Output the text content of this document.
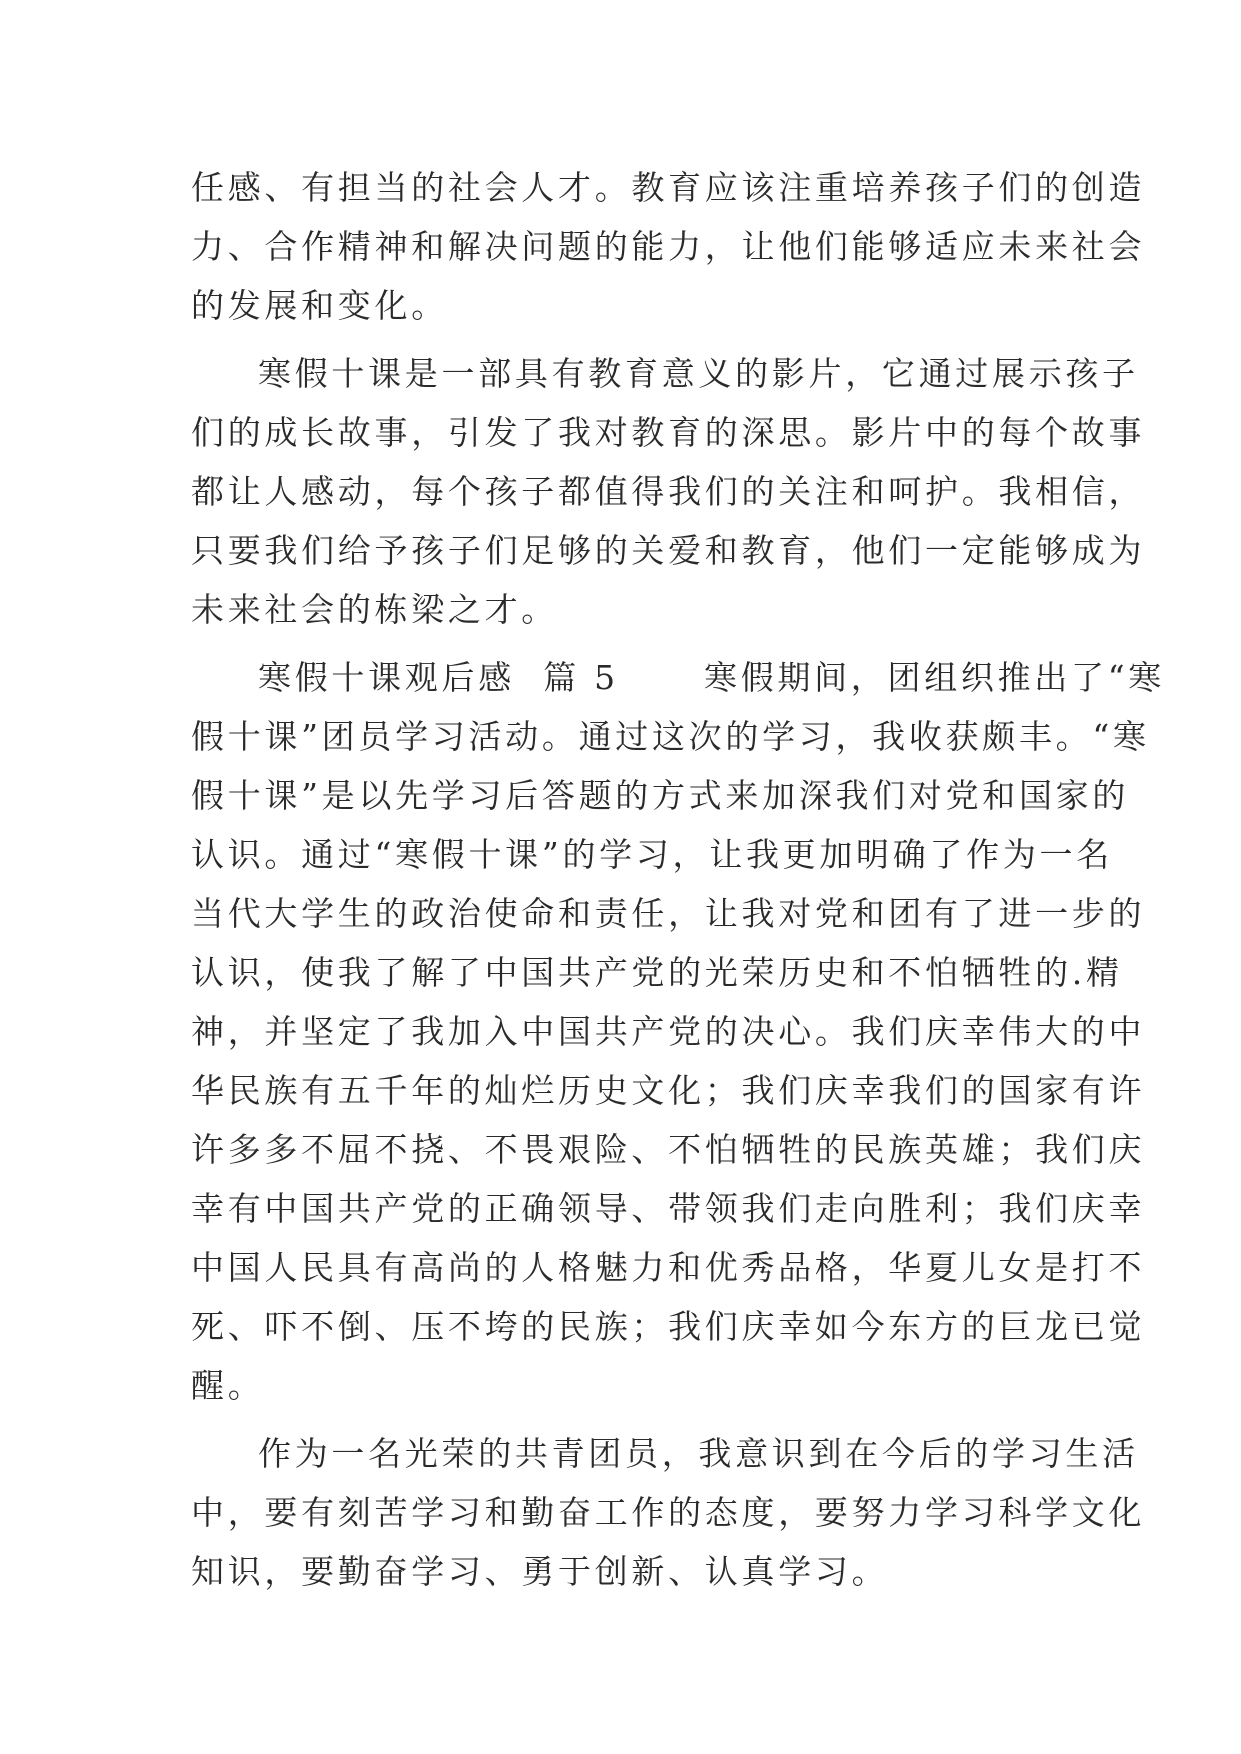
任感、有担当的社会人才。教育应该注重培养孩子们的创造
力、合作精神和解决问题的能力，让他们能够适应未来社会
的发展和变化。
寒假十课是一部具有教育意义的影片，它通过展示孩子
们的成长故事，引发了我对教育的深思。影片中的每个故事
都让人感动，每个孩子都值得我们的关注和呵护。我相信，
只要我们给予孩子们足够的关爱和教育，他们一定能够成为
未来社会的栋梁之才。
寒假十课观后感  篇 5      寒假期间，团组织推出了“寒
假十课”团员学习活动。通过这次的学习，我收获颇丰。“寒
假十课”是以先学习后答题的方式来加深我们对党和国家的
认识。通过“寒假十课”的学习，让我更加明确了作为一名
当代大学生的政治使命和责任，让我对党和团有了进一步的
认识，使我了解了中国共产党的光荣历史和不怕牺牲的.精
神，并坚定了我加入中国共产党的决心。我们庆幸伟大的中
华民族有五千年的灿烂历史文化；我们庆幸我们的国家有许
许多多不屈不挠、不畏艰险、不怕牺牲的民族英雄；我们庆
幸有中国共产党的正确领导、带领我们走向胜利；我们庆幸
中国人民具有高尚的人格魅力和优秀品格，华夏儿女是打不
死、吓不倒、压不垮的民族；我们庆幸如今东方的巨龙已觉
醒。
作为一名光荣的共青团员，我意识到在今后的学习生活
中，要有刻苦学习和勤奋工作的态度，要努力学习科学文化
知识，要勤奋学习、勇于创新、认真学习。
